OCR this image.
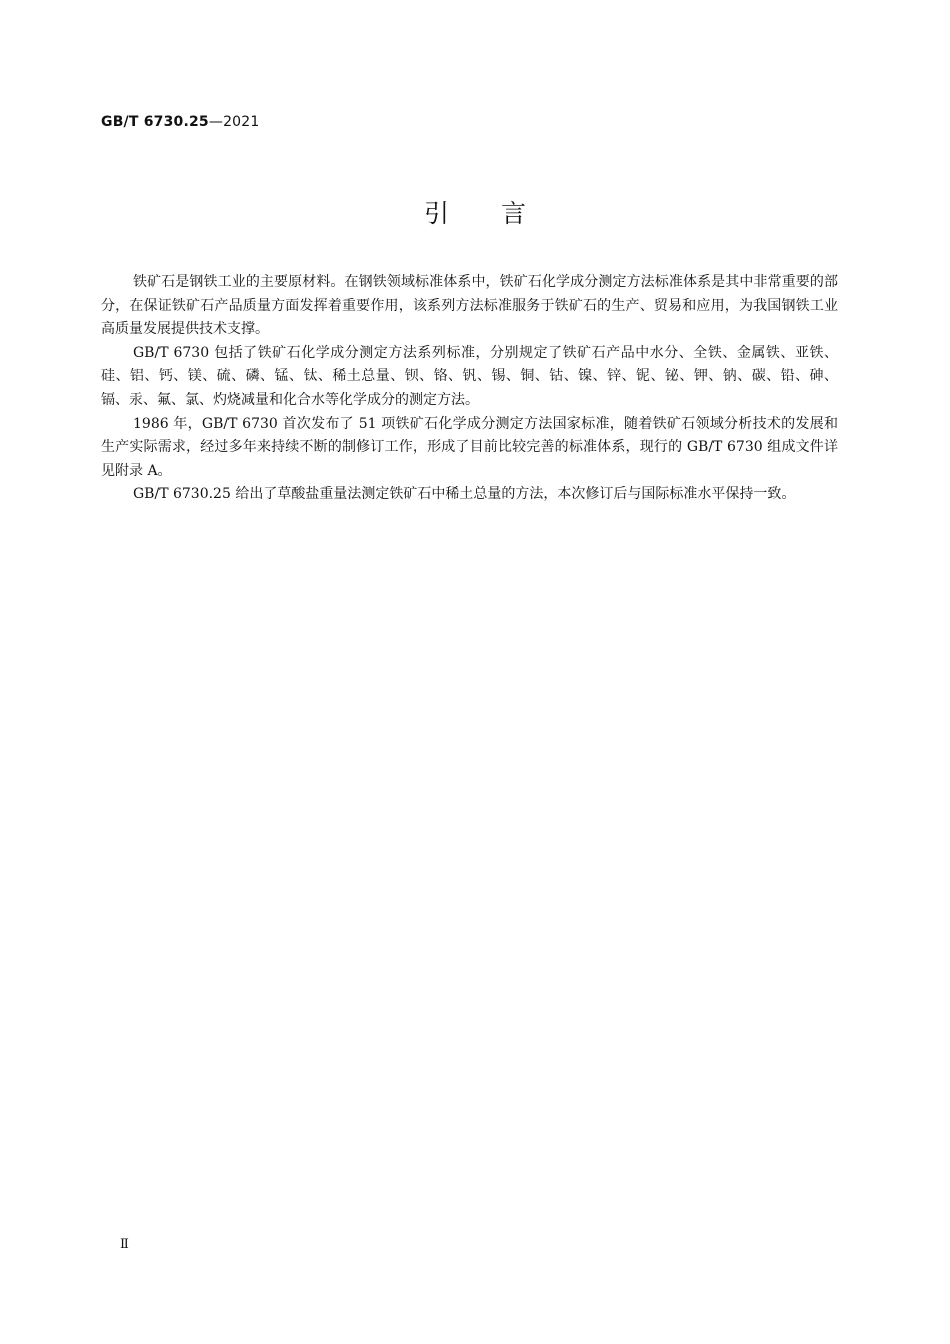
GB/T 6730.25—2021
引 言

铁矿石是钢铁工业的主要原材料。在钢铁领域标准体系中，铁矿石化学成分测定方法标准体系是其中非常重要的部分，在保证铁矿石产品质量方面发挥着重要作用，该系列方法标准服务于铁矿石的生产、贸易和应用，为我国钢铁工业高质量发展提供技术支撑。

GB/T 6730 包括了铁矿石化学成分测定方法系列标准，分别规定了铁矿石产品中水分、全铁、金属铁、亚铁、硅、铝、钙、镁、硫、磷、锰、钛、稀土总量、钡、铬、钒、锡、铜、钴、镍、锌、铌、铋、钾、钠、碳、铅、砷、镉、汞、氟、氯、灼烧减量和化合水等化学成分的测定方法。

1986 年，GB/T 6730 首次发布了 51 项铁矿石化学成分测定方法国家标准，随着铁矿石领域分析技术的发展和生产实际需求，经过多年来持续不断的制修订工作，形成了目前比较完善的标准体系，现行的 GB/T 6730 组成文件详见附录 A。

GB/T 6730.25 给出了草酸盐重量法测定铁矿石中稀土总量的方法，本次修订后与国际标准水平保持一致。

Ⅱ
